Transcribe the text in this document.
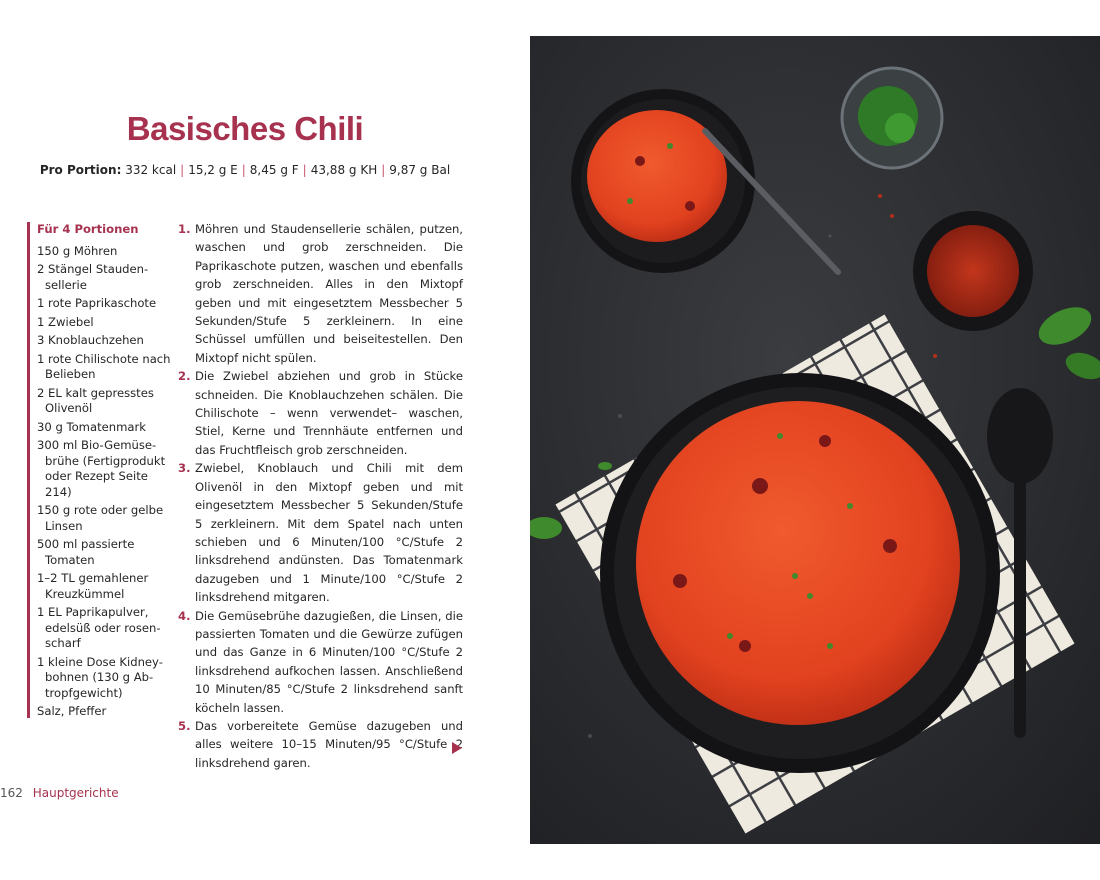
Basisches Chili
Pro Portion: 332 kcal | 15,2 g E | 8,45 g F | 43,88 g KH | 9,87 g Bal
Für 4 Portionen
150 g Möhren
2 Stängel Stauden-sellerie
1 rote Paprikaschote
1 Zwiebel
3 Knoblauchzehen
1 rote Chilischote nach Belieben
2 EL kalt gepresstes Olivenöl
30 g Tomatenmark
300 ml Bio-Gemüse-brühe (Fertigprodukt oder Rezept Seite 214)
150 g rote oder gelbe Linsen
500 ml passierte Tomaten
1–2 TL gemahlener Kreuzkümmel
1 EL Paprikapulver, edelsüß oder rosen-scharf
1 kleine Dose Kidney-bohnen (130 g Ab-tropfgewicht)
Salz, Pfeffer
1. Möhren und Staudensellerie schälen, putzen, waschen und grob zerschneiden. Die Paprikaschote putzen, waschen und ebenfalls grob zerschneiden. Alles in den Mixtopf geben und mit eingesetztem Messbecher 5 Sekunden/Stufe 5 zerkleinern. In eine Schüssel umfüllen und beiseitestellen. Den Mixtopf nicht spülen.
2. Die Zwiebel abziehen und grob in Stücke schneiden. Die Knoblauchzehen schälen. Die Chilischote – wenn verwendet– waschen, Stiel, Kerne und Trennhäute entfernen und das Fruchtfleisch grob zerschneiden.
3. Zwiebel, Knoblauch und Chili mit dem Olivenöl in den Mixtopf geben und mit eingesetztem Messbecher 5 Sekunden/Stufe 5 zerkleinern. Mit dem Spatel nach unten schieben und 6 Minuten/100 °C/Stufe 2 linksdrehend andünsten. Das Tomatenmark dazugeben und 1 Minute/100 °C/Stufe 2 linksdrehend mitgaren.
4. Die Gemüsebrühe dazugießen, die Linsen, die passierten Tomaten und die Gewürze zufügen und das Ganze in 6 Minuten/100 °C/Stufe 2 linksdrehend aufkochen lassen. Anschließend 10 Minuten/85 °C/Stufe 2 linksdrehend sanft köcheln lassen.
5. Das vorbereitete Gemüse dazugeben und alles weitere 10–15 Minuten/95 °C/Stufe 2 linksdrehend garen.
162 Hauptgerichte
